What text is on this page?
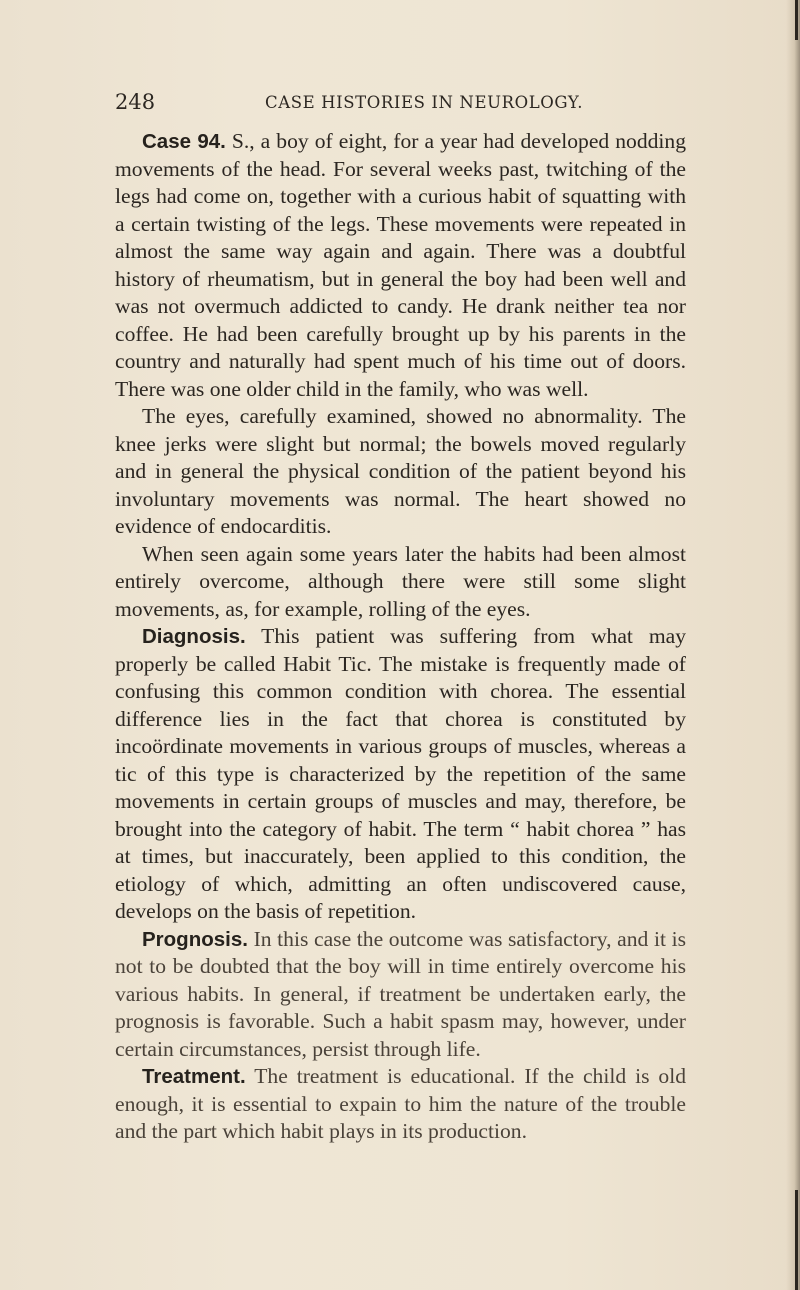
248	CASE HISTORIES IN NEUROLOGY.

Case 94. S., a boy of eight, for a year had developed nodding movements of the head. For several weeks past, twitching of the legs had come on, together with a curious habit of squatting with a certain twisting of the legs. These movements were repeated in almost the same way again and again. There was a doubtful history of rheumatism, but in general the boy had been well and was not overmuch addicted to candy. He drank neither tea nor coffee. He had been carefully brought up by his parents in the country and naturally had spent much of his time out of doors. There was one older child in the family, who was well.

The eyes, carefully examined, showed no abnormality. The knee jerks were slight but normal; the bowels moved regularly and in general the physical condition of the patient beyond his involuntary movements was normal. The heart showed no evidence of endocarditis.

When seen again some years later the habits had been almost entirely overcome, although there were still some slight movements, as, for example, rolling of the eyes.

Diagnosis. This patient was suffering from what may properly be called Habit Tic. The mistake is frequently made of confusing this common condition with chorea. The essential difference lies in the fact that chorea is constituted by incoördinate movements in various groups of muscles, whereas a tic of this type is characterized by the repetition of the same movements in certain groups of muscles and may, therefore, be brought into the category of habit. The term “ habit chorea ” has at times, but inaccurately, been applied to this condition, the etiology of which, admitting an often undiscovered cause, develops on the basis of repetition.

Prognosis. In this case the outcome was satisfactory, and it is not to be doubted that the boy will in time entirely overcome his various habits. In general, if treatment be undertaken early, the prognosis is favorable. Such a habit spasm may, however, under certain circumstances, persist through life.

Treatment. The treatment is educational. If the child is old enough, it is essential to expain to him the nature of the trouble and the part which habit plays in its production.
